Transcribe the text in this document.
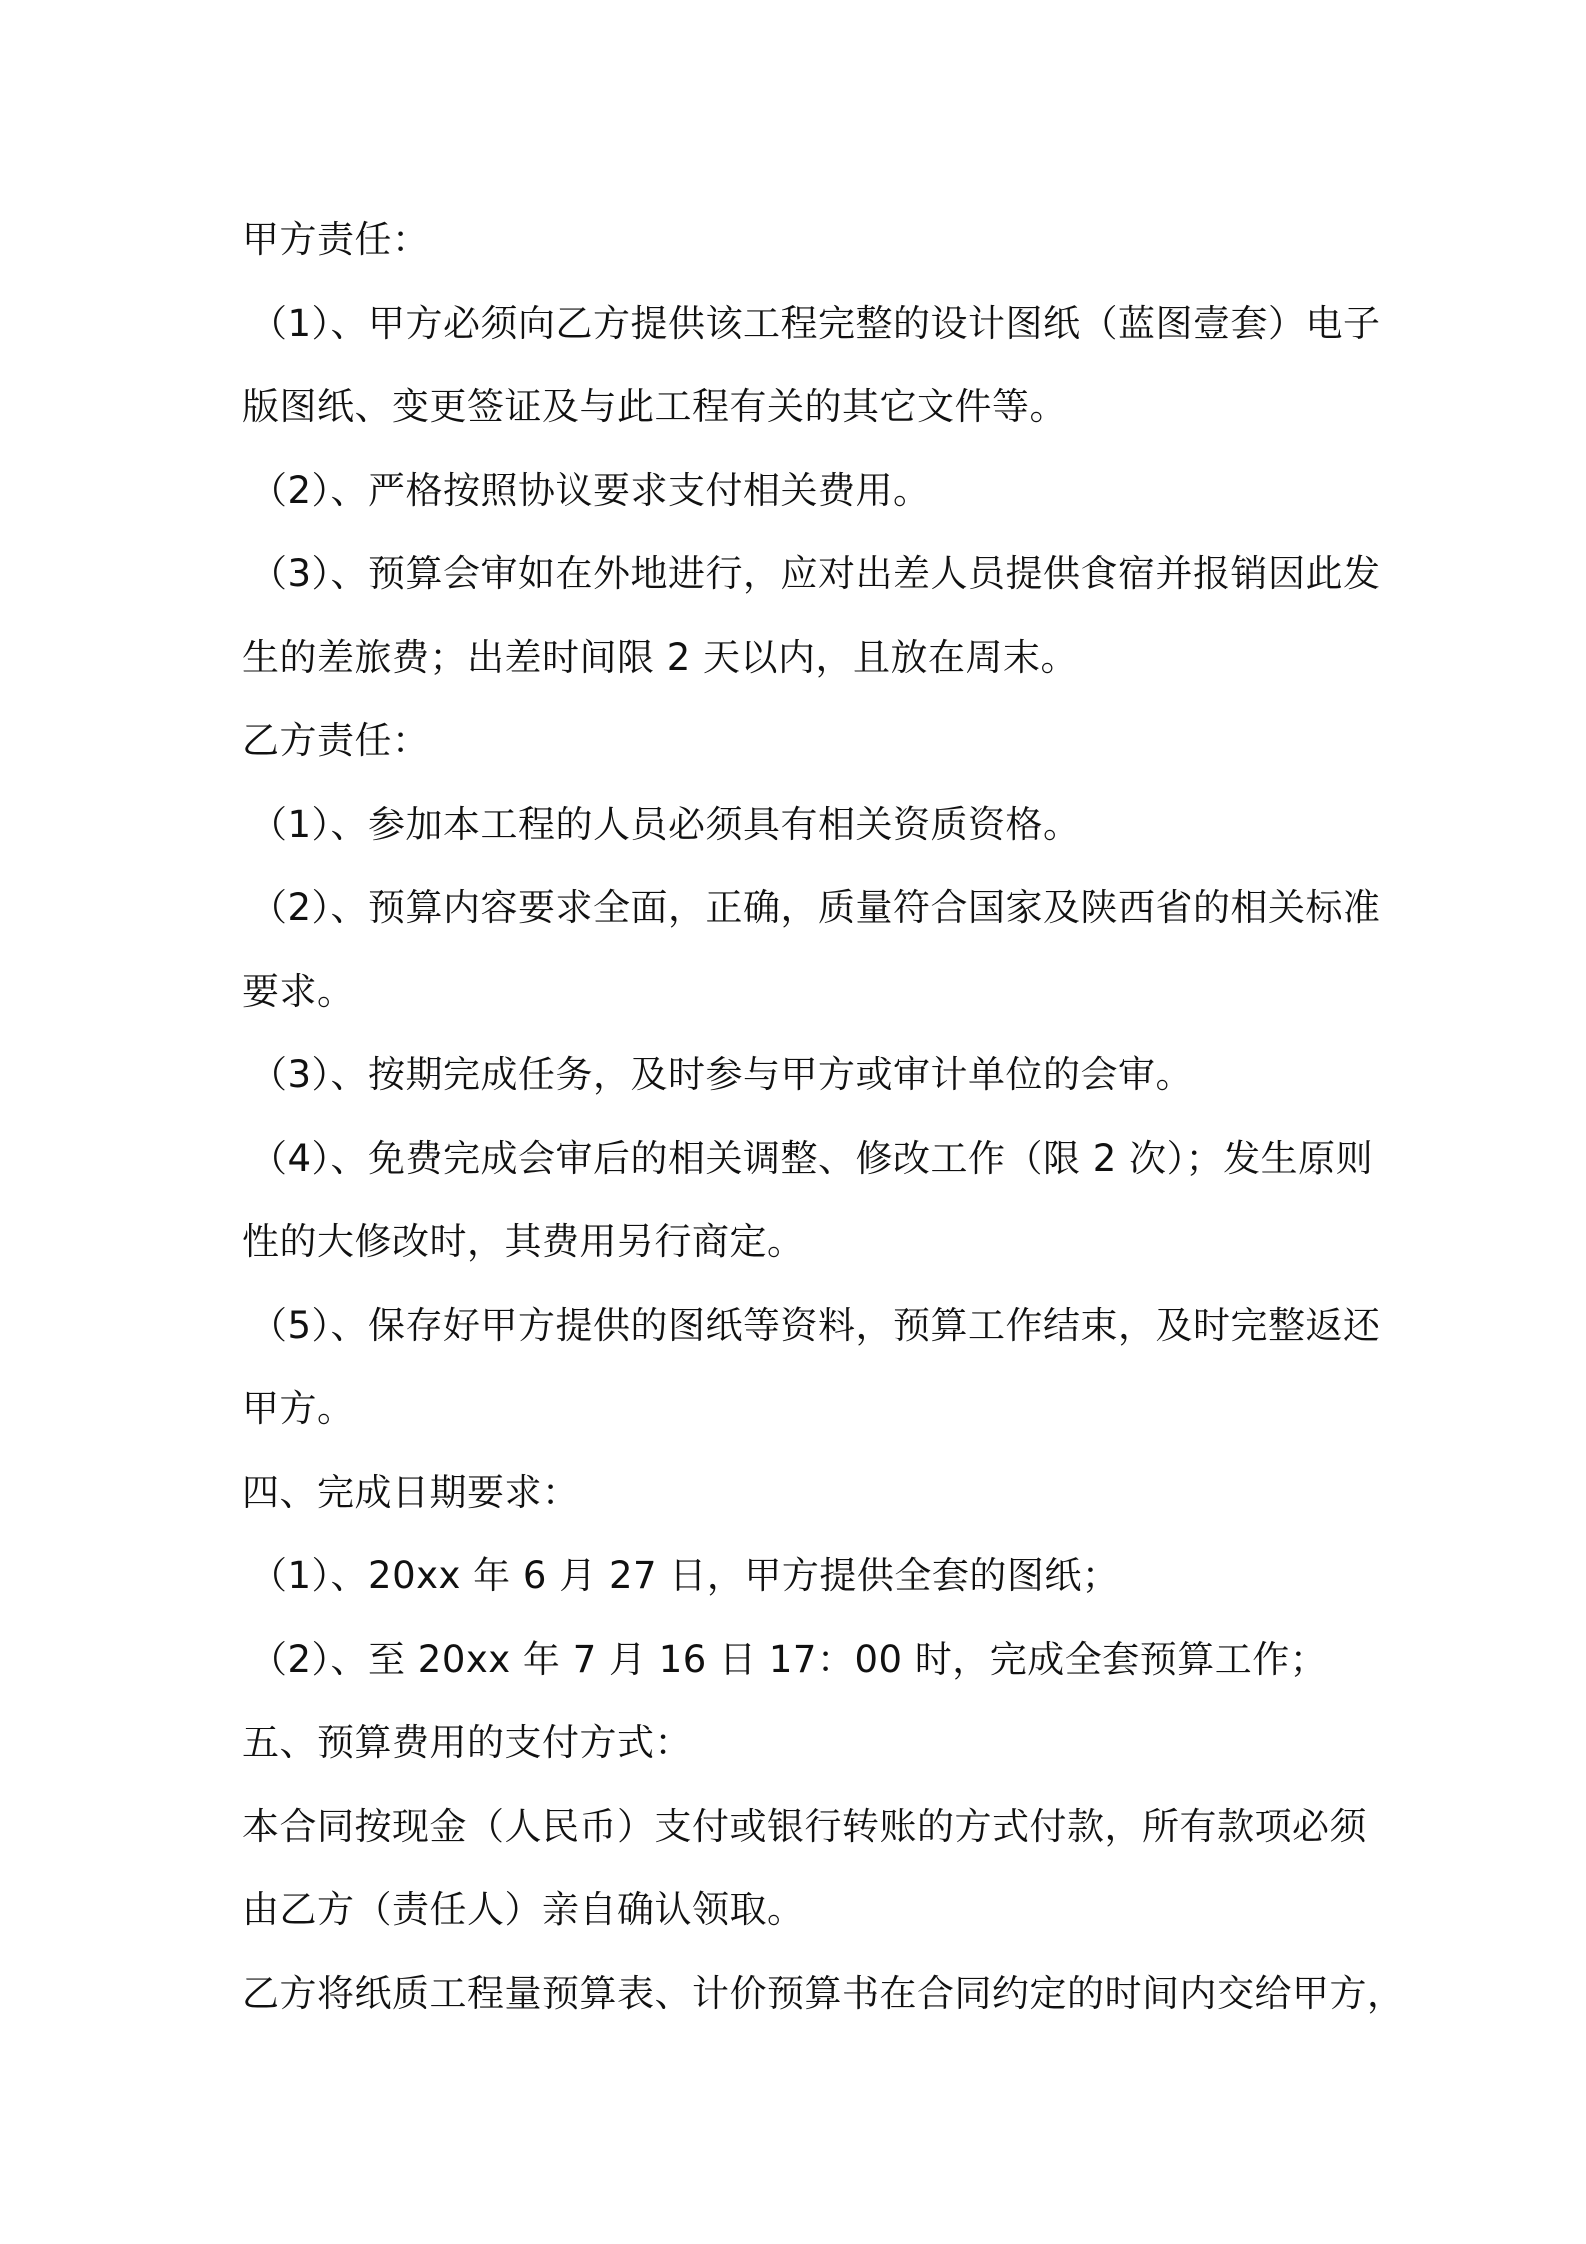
甲方责任：
（1）、甲方必须向乙方提供该工程完整的设计图纸（蓝图壹套）电子
版图纸、变更签证及与此工程有关的其它文件等。
（2）、严格按照协议要求支付相关费用。
（3）、预算会审如在外地进行，应对出差人员提供食宿并报销因此发
生的差旅费；出差时间限 2 天以内，且放在周末。
乙方责任：
（1）、参加本工程的人员必须具有相关资质资格。
（2）、预算内容要求全面，正确，质量符合国家及陕西省的相关标准
要求。
（3）、按期完成任务，及时参与甲方或审计单位的会审。
（4）、免费完成会审后的相关调整、修改工作（限 2 次）；发生原则
性的大修改时，其费用另行商定。
（5）、保存好甲方提供的图纸等资料，预算工作结束，及时完整返还
甲方。
四、完成日期要求：
（1）、20xx 年 6 月 27 日，甲方提供全套的图纸；
（2）、至 20xx 年 7 月 16 日 17：00 时，完成全套预算工作；
五、预算费用的支付方式：
本合同按现金（人民币）支付或银行转账的方式付款，所有款项必须
由乙方（责任人）亲自确认领取。
乙方将纸质工程量预算表、计价预算书在合同约定的时间内交给甲方，
